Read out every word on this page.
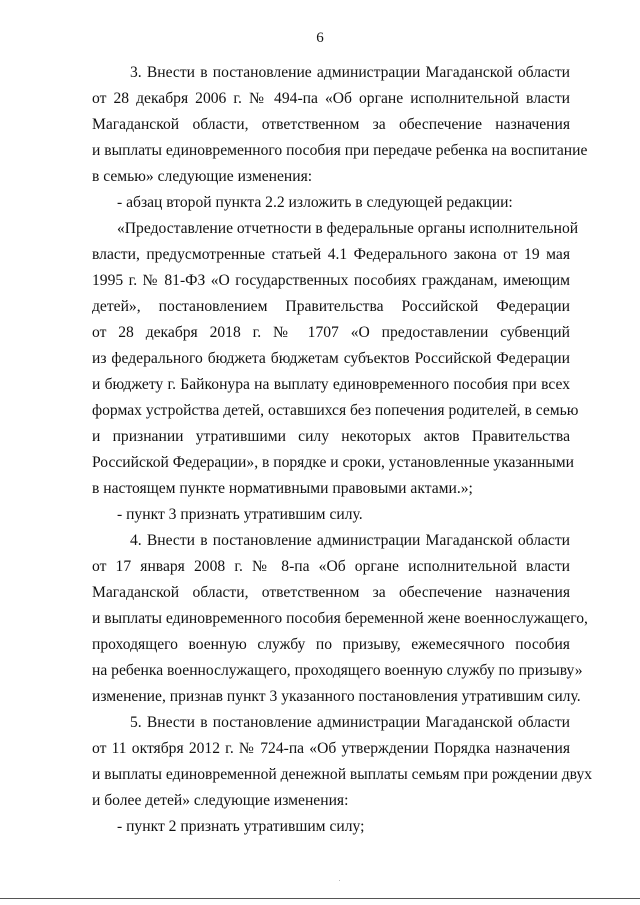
6
3. Внести в постановление администрации Магаданской области
от 28 декабря 2006 г. № 494-па «Об органе исполнительной власти
Магаданской области, ответственном за обеспечение назначения
и выплаты единовременного пособия при передаче ребенка на воспитание
в семью» следующие изменения:
- абзац второй пункта 2.2 изложить в следующей редакции:
«Предоставление отчетности в федеральные органы исполнительной
власти, предусмотренные статьей 4.1 Федерального закона от 19 мая
1995 г. № 81-ФЗ «О государственных пособиях гражданам, имеющим
детей», постановлением Правительства Российской Федерации
от 28 декабря 2018 г. № 1707 «О предоставлении субвенций
из федерального бюджета бюджетам субъектов Российской Федерации
и бюджету г. Байконура на выплату единовременного пособия при всех
формах устройства детей, оставшихся без попечения родителей, в семью
и признании утратившими силу некоторых актов Правительства
Российской Федерации», в порядке и сроки, установленные указанными
в настоящем пункте нормативными правовыми актами.»;
- пункт 3 признать утратившим силу.
4. Внести в постановление администрации Магаданской области
от 17 января 2008 г. № 8-па «Об органе исполнительной власти
Магаданской области, ответственном за обеспечение назначения
и выплаты единовременного пособия беременной жене военнослужащего,
проходящего военную службу по призыву, ежемесячного пособия
на ребенка военнослужащего, проходящего военную службу по призыву»
изменение, признав пункт 3 указанного постановления утратившим силу.
5. Внести в постановление администрации Магаданской области
от 11 октября 2012 г. № 724-па «Об утверждении Порядка назначения
и выплаты единовременной денежной выплаты семьям при рождении двух
и более детей» следующие изменения:
- пункт 2 признать утратившим силу;
